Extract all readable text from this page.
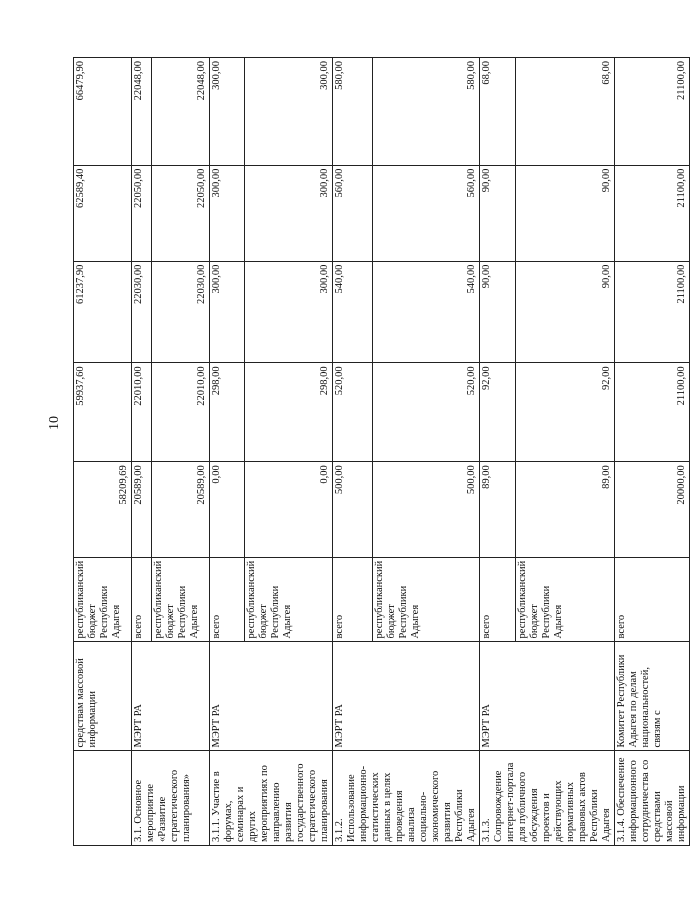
10
	средствам массовой информации	республиканский бюджет Республики Адыгея	58209,69	59937,60	61237,90	62589,40	66479,90
3.1. Основное мероприятие «Развитие стратегического планирования»	МЭРТ РА	всего	20589,00	22010,00	22030,00	22050,00	22048,00
		республиканский бюджет Республики Адыгея	20589,00	22010,00	22030,00	22050,00	22048,00
3.1.1. Участие в форумах, семинарах и других мероприятиях по направлению развития государственного стратегического планирования	МЭРТ РА	всего	0,00	298,00	300,00	300,00	300,00
		республиканский бюджет Республики Адыгея	0,00	298,00	300,00	300,00	300,00
3.1.2. Использование информационно-статистических данных в целях проведения анализа социально-экономического развития Республики Адыгея	МЭРТ РА	всего	500,00	520,00	540,00	560,00	580,00
		республиканский бюджет Республики Адыгея	500,00	520,00	540,00	560,00	580,00
3.1.3. Сопровождение интернет-портала для публичного обсуждения проектов и действующих нормативных правовых актов Республики Адыгея	МЭРТ РА	всего	89,00	92,00	90,00	90,00	68,00
		республиканский бюджет Республики Адыгея	89,00	92,00	90,00	90,00	68,00
3.1.4. Обеспечение информационного сотрудничества со средствами массовой информации	Комитет Республики Адыгея по делам национальностей, связям с	всего	20000,00	21100,00	21100,00	21100,00	21100,00
